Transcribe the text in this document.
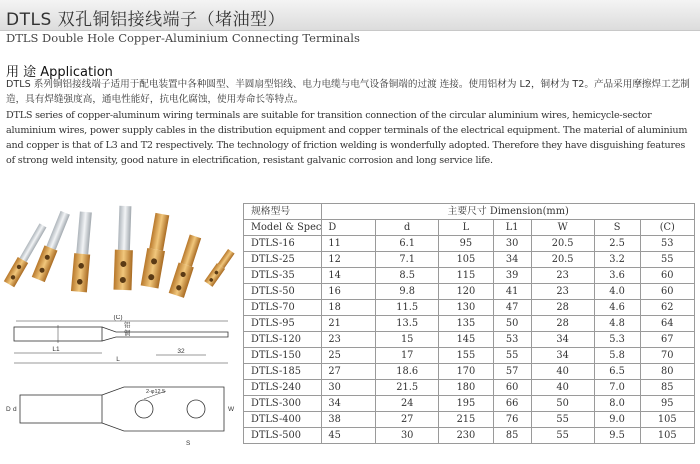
DTLS 双孔铜铝接线端子（堵油型）
DTLS Double Hole Copper-Aluminium Connecting Terminals
用 途 Application
DTLS 系列铜铝接线端子适用于配电装置中各种圆型、半圆扇型铝线、电力电缆与电气设备铜端的过渡 连接。使用铝材为 L2，铜材为 T2。产品采用摩擦焊工艺制造，具有焊缝强度高，通电性能好，抗电化腐蚀，使用寿命长等特点。
DTLS series of copper-aluminum wiring terminals are suitable for transition connection of the circular aluminium wires, hemicycle-sector aluminium wires, power supply cables in the distribution equipment and copper terminals of the electrical equipment. The material of aluminium and copper is that of L3 and T2 respectively. The technology of friction welding is wonderfully adopted. Therefore they have disguishing features of strong weld intensity, good nature in electrification, resistant galvanic corrosion and long service life.
(C)
铝
铜
L1
L
32
D d
2-φ12.5
W
S
规格型号	主要尺寸 Dimension(mm)						
Model & Spec	D	d	L	L1	W	S	(C)
DTLS-16	11	6.1	95	30	20.5	2.5	53
DTLS-25	12	7.1	105	34	20.5	3.2	55
DTLS-35	14	8.5	115	39	23	3.6	60
DTLS-50	16	9.8	120	41	23	4.0	60
DTLS-70	18	11.5	130	47	28	4.6	62
DTLS-95	21	13.5	135	50	28	4.8	64
DTLS-120	23	15	145	53	34	5.3	67
DTLS-150	25	17	155	55	34	5.8	70
DTLS-185	27	18.6	170	57	40	6.5	80
DTLS-240	30	21.5	180	60	40	7.0	85
DTLS-300	34	24	195	66	50	8.0	95
DTLS-400	38	27	215	76	55	9.0	105
DTLS-500	45	30	230	85	55	9.5	105
